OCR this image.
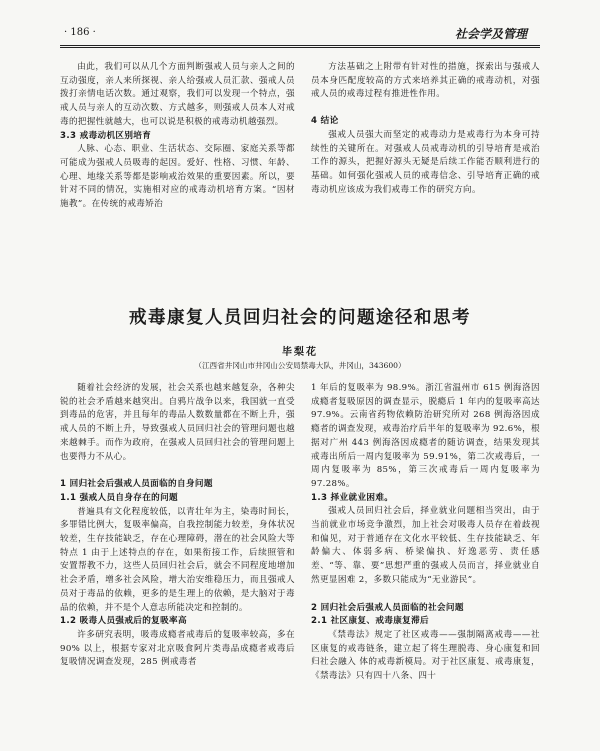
· 186 ·	社会学及管理

由此，我们可以从几个方面判断强戒人员与亲人之间的互动强度，亲人来所探视、亲人给强戒人员汇款、强戒人员拨打亲情电话次数。通过观察，我们可以发现一个特点，强戒人员与亲人的互动次数、方式越多，则强戒人员本人对戒毒的把握性就越大，也可以说是积极的戒毒动机越强烈。

3.3 戒毒动机区别培育

人脉、心态、职业、生活状态、交际圈、家庭关系等都可能成为强戒人员吸毒的起因。爱好、性格、习惯、年龄、心理、地缘关系等都是影响戒治效果的重要因素。所以，要针对不同的情况，实施相对应的戒毒动机培育方案。“因材施教”。在传统的戒毒矫治

方法基础之上附带有针对性的措施，探索出与强戒人员本身匹配度较高的方式来培养其正确的戒毒动机，对强戒人员的戒毒过程有推进性作用。

4 结论

强戒人员强大而坚定的戒毒动力是戒毒行为本身可持续性的关键所在。对强戒人员戒毒动机的引导培育是戒治工作的源头，把握好源头无疑是后续工作能否顺利进行的基础。如何强化强戒人员的戒毒信念、引导培育正确的戒毒动机应该成为我们戒毒工作的研究方向。

戒毒康复人员回归社会的问题途径和思考
毕梨花
（江西省井冈山市井冈山公安局禁毒大队，井冈山，343600）

随着社会经济的发展，社会关系也越来越复杂，各种尖锐的社会矛盾越来越突出。自鸦片战争以来，我国就一直受到毒品的危害，并且每年的毒品人数数量都在不断上升，强戒人员的不断上升，导致强戒人员回归社会的管理问题也越来越棘手。而作为政府，在强戒人员回归社会的管理问题上也要得力不从心。

1 回归社会后强戒人员面临的自身问题
1.1 强戒人员自身存在的问题

普遍具有文化程度较低，以青壮年为主，染毒时间长，多罪错比例大，复吸率偏高，自我控制能力较差，身体状况较差，生存技能缺乏，存在心理障碍，潜在的社会风险大等特点 1 由于上述特点的存在，如果衔接工作，后续照管和安置帮教不力，这些人员回归社会后，就会不同程度地增加社会矛盾，增多社会风险，增大治安维稳压力，而且强戒人员对于毒品的依赖，更多的是生理上的依赖，是大脑对于毒品的依赖，并不是个人意志所能决定和控制的。

1.2 吸毒人员强戒后的复吸率高

许多研究表明，吸毒成瘾者戒毒后的复吸率较高，多在 90% 以上，根据专家对北京吸食阿片类毒品成瘾者戒毒后复吸情况调查发现，285 例戒毒者

1 年后的复吸率为 98.9%。浙江省温州市 615 例海洛因成瘾者复吸原因的调查显示，脱瘾后 1 年内的复吸率高达 97.9%。云南省药物依赖防治研究所对 268 例海洛因成瘾者的调查发现，戒毒治疗后半年的复吸率为 92.6%，根据对广州 443 例海洛因成瘾者的随访调查，结果发现其戒毒出所后一周内复吸率为 59.91%，第二次戒毒后，一周内复吸率为 85%，第三次戒毒后一周内复吸率为 97.28%。

1.3 择业就业困难。

强戒人员回归社会后，择业就业问题相当突出，由于当前就业市场竞争激烈，加上社会对吸毒人员存在着歧视和偏见，对于普通存在文化水平较低、生存技能缺乏、年龄偏大、体弱多病、桥梁偏执、好逸恶劳、责任感差、“等、靠、要”思想严重的强戒人员而言，择业就业自然更显困难 2，多数只能成为“无业游民”。

2 回归社会后强戒人员面临的社会问题
2.1 社区康复、戒毒康复滞后

《禁毒法》规定了社区戒毒——强制隔离戒毒——社区康复的戒毒链条，建立起了将生理脱毒、身心康复和回归社会融入 体的戒毒新模局。对于社区康复、戒毒康复，《禁毒法》只有四十八条、四十
